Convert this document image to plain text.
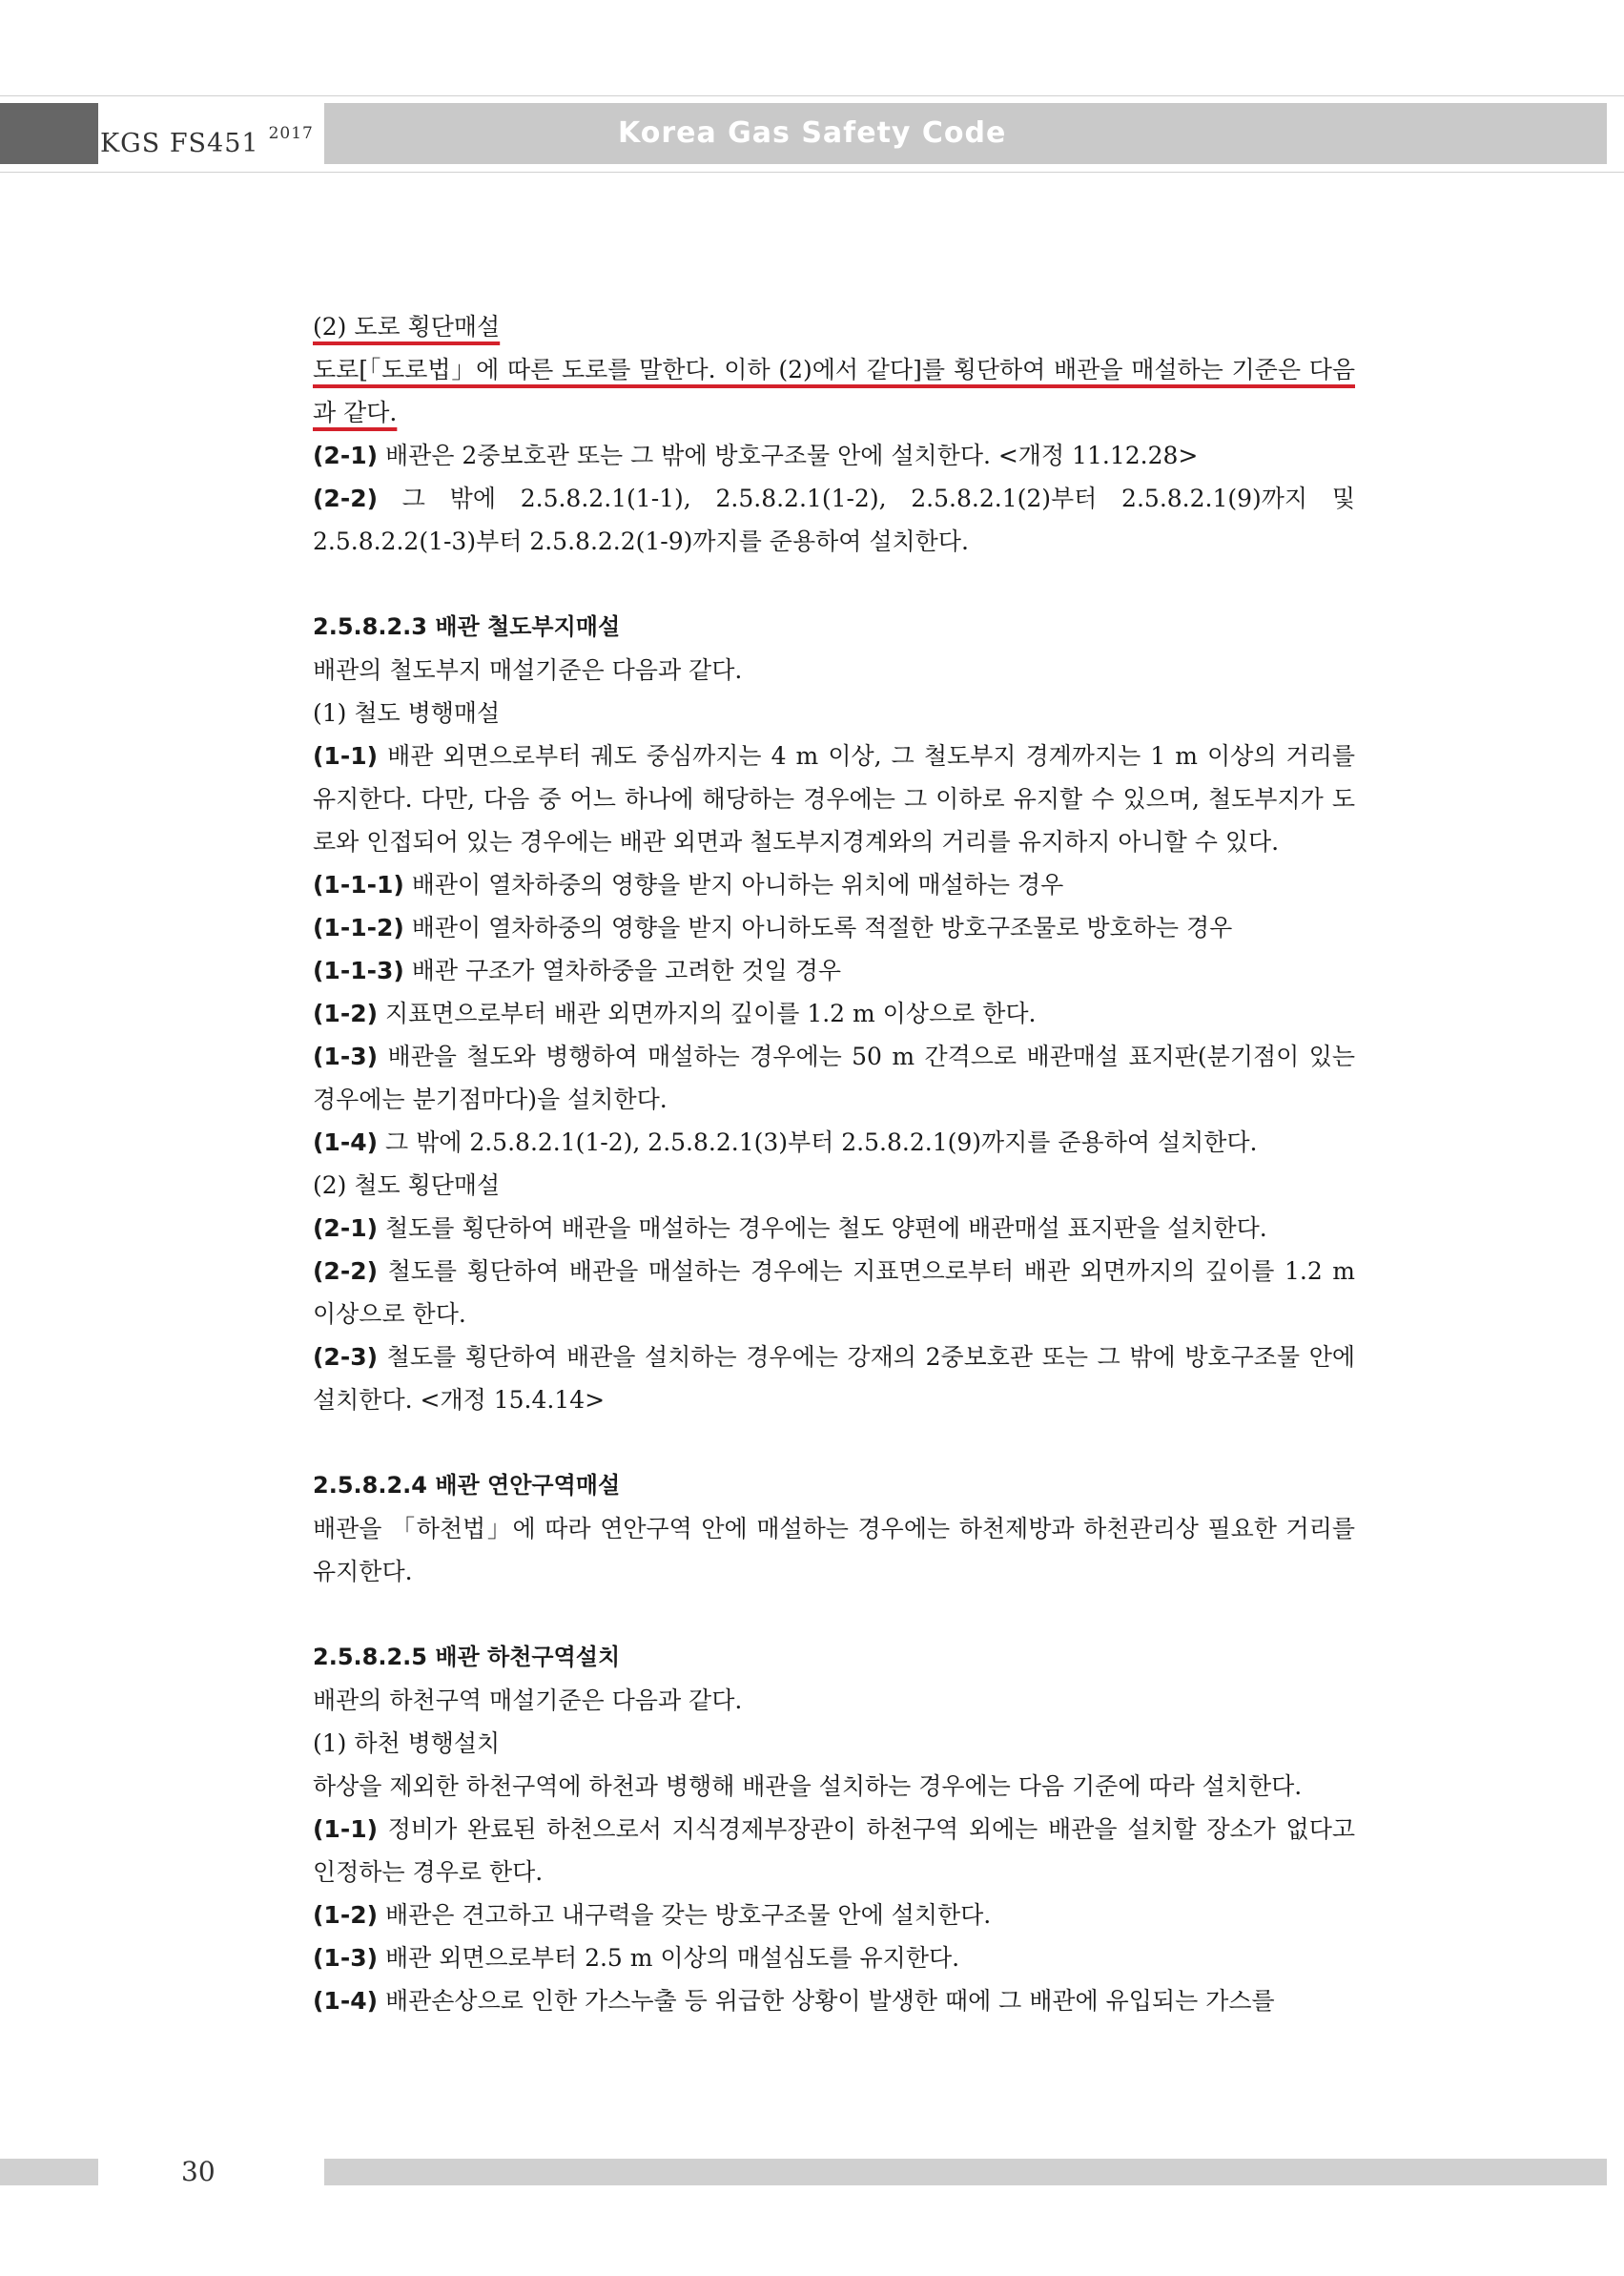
KGS FS451 $^{2017}$	Korea Gas Safety Code
(2) 도로 횡단매설
도로[「도로법」에 따른 도로를 말한다. 이하 (2)에서 같다]를 횡단하여 배관을 매설하는 기준은 다음과 같다.
(2-1) 배관은 2중보호관 또는 그 밖에 방호구조물 안에 설치한다. <개정 11.12.28>
(2-2) 그 밖에 2.5.8.2.1(1-1), 2.5.8.2.1(1-2), 2.5.8.2.1(2)부터 2.5.8.2.1(9)까지 및 2.5.8.2.2(1-3)부터 2.5.8.2.2(1-9)까지를 준용하여 설치한다.
2.5.8.2.3 배관 철도부지매설
배관의 철도부지 매설기준은 다음과 같다.
(1) 철도 병행매설
(1-1) 배관 외면으로부터 궤도 중심까지는 4 m 이상, 그 철도부지 경계까지는 1 m 이상의 거리를 유지한다. 다만, 다음 중 어느 하나에 해당하는 경우에는 그 이하로 유지할 수 있으며, 철도부지가 도로와 인접되어 있는 경우에는 배관 외면과 철도부지경계와의 거리를 유지하지 아니할 수 있다.
(1-1-1) 배관이 열차하중의 영향을 받지 아니하는 위치에 매설하는 경우
(1-1-2) 배관이 열차하중의 영향을 받지 아니하도록 적절한 방호구조물로 방호하는 경우
(1-1-3) 배관 구조가 열차하중을 고려한 것일 경우
(1-2) 지표면으로부터 배관 외면까지의 깊이를 1.2 m 이상으로 한다.
(1-3) 배관을 철도와 병행하여 매설하는 경우에는 50 m 간격으로 배관매설 표지판(분기점이 있는 경우에는 분기점마다)을 설치한다.
(1-4) 그 밖에 2.5.8.2.1(1-2), 2.5.8.2.1(3)부터 2.5.8.2.1(9)까지를 준용하여 설치한다.
(2) 철도 횡단매설
(2-1) 철도를 횡단하여 배관을 매설하는 경우에는 철도 양편에 배관매설 표지판을 설치한다.
(2-2) 철도를 횡단하여 배관을 매설하는 경우에는 지표면으로부터 배관 외면까지의 깊이를 1.2 m 이상으로 한다.
(2-3) 철도를 횡단하여 배관을 설치하는 경우에는 강재의 2중보호관 또는 그 밖에 방호구조물 안에 설치한다. <개정 15.4.14>
2.5.8.2.4 배관 연안구역매설
배관을 「하천법」에 따라 연안구역 안에 매설하는 경우에는 하천제방과 하천관리상 필요한 거리를 유지한다.
2.5.8.2.5 배관 하천구역설치
배관의 하천구역 매설기준은 다음과 같다.
(1) 하천 병행설치
하상을 제외한 하천구역에 하천과 병행해 배관을 설치하는 경우에는 다음 기준에 따라 설치한다.
(1-1) 정비가 완료된 하천으로서 지식경제부장관이 하천구역 외에는 배관을 설치할 장소가 없다고 인정하는 경우로 한다.
(1-2) 배관은 견고하고 내구력을 갖는 방호구조물 안에 설치한다.
(1-3) 배관 외면으로부터 2.5 m 이상의 매설심도를 유지한다.
(1-4) 배관손상으로 인한 가스누출 등 위급한 상황이 발생한 때에 그 배관에 유입되는 가스를
30
